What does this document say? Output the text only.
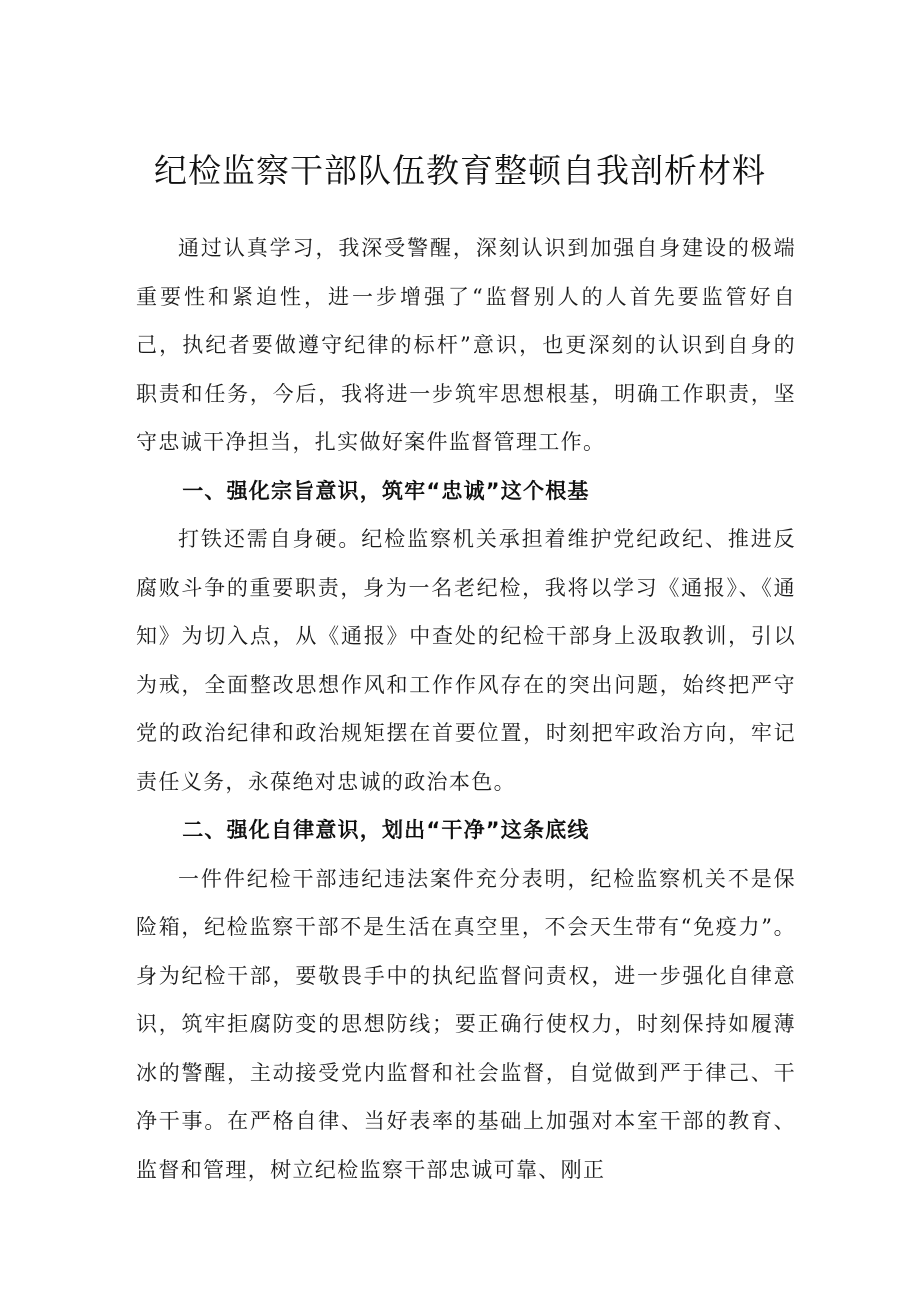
纪检监察干部队伍教育整顿自我剖析材料

通过认真学习，我深受警醒，深刻认识到加强自身建设的极端重要性和紧迫性，进一步增强了“监督别人的人首先要监管好自己，执纪者要做遵守纪律的标杆”意识，也更深刻的认识到自身的职责和任务，今后，我将进一步筑牢思想根基，明确工作职责，坚守忠诚干净担当，扎实做好案件监督管理工作。

一、强化宗旨意识，筑牢“忠诚”这个根基

打铁还需自身硬。纪检监察机关承担着维护党纪政纪、推进反腐败斗争的重要职责，身为一名老纪检，我将以学习《通报》、《通知》为切入点，从《通报》中查处的纪检干部身上汲取教训，引以为戒，全面整改思想作风和工作作风存在的突出问题，始终把严守党的政治纪律和政治规矩摆在首要位置，时刻把牢政治方向，牢记责任义务，永葆绝对忠诚的政治本色。

二、强化自律意识，划出“干净”这条底线

一件件纪检干部违纪违法案件充分表明，纪检监察机关不是保险箱，纪检监察干部不是生活在真空里，不会天生带有“免疫力”。身为纪检干部，要敬畏手中的执纪监督问责权，进一步强化自律意识，筑牢拒腐防变的思想防线；要正确行使权力，时刻保持如履薄冰的警醒，主动接受党内监督和社会监督，自觉做到严于律己、干净干事。在严格自律、当好表率的基础上加强对本室干部的教育、监督和管理，树立纪检监察干部忠诚可靠、刚正
